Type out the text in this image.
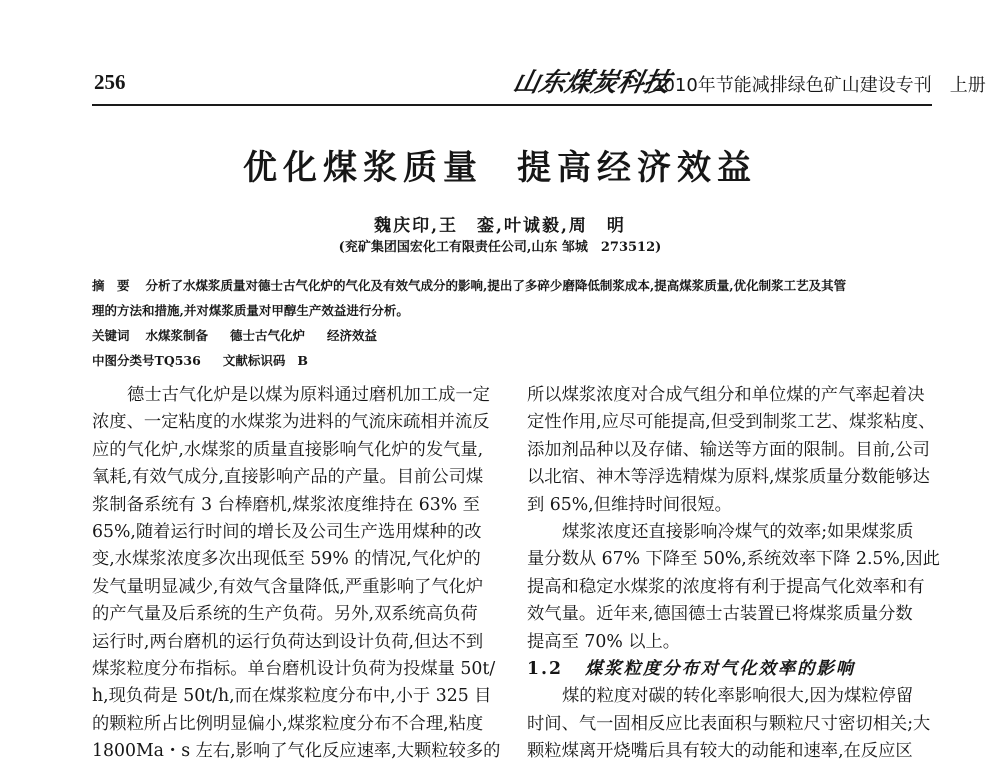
256	山东煤炭科技
2010年节能减排绿色矿山建设专刊　上册
优化煤浆质量 提高经济效益
魏庆印,王　銮,叶诚毅,周　明
(兖矿集团国宏化工有限责任公司,山东 邹城　273512)
摘　要 分析了水煤浆质量对德士古气化炉的气化及有效气成分的影响,提出了多碎少磨降低制浆成本,提高煤浆质量,优化制浆工艺及其管
理的方法和措施,并对煤浆质量对甲醇生产效益进行分析。
关键词 水煤浆制备 德士古气化炉 经济效益
中图分类号TQ536 文献标识码 B
德士古气化炉是以煤为原料通过磨机加工成一定
浓度、一定粘度的水煤浆为进料的气流床疏相并流反
应的气化炉,水煤浆的质量直接影响气化炉的发气量,
氧耗,有效气成分,直接影响产品的产量。目前公司煤
浆制备系统有 3 台棒磨机,煤浆浓度维持在 63% 至
65%,随着运行时间的增长及公司生产选用煤种的改
变,水煤浆浓度多次出现低至 59% 的情况,气化炉的
发气量明显减少,有效气含量降低,严重影响了气化炉
的产气量及后系统的生产负荷。另外,双系统高负荷
运行时,两台磨机的运行负荷达到设计负荷,但达不到
煤浆粒度分布指标。单台磨机设计负荷为投煤量 50t/
h,现负荷是 50t/h,而在煤浆粒度分布中,小于 325 目
的颗粒所占比例明显偏小,煤浆粒度分布不合理,粘度
1800Ma・s 左右,影响了气化反应速率,大颗粒较多的
所以煤浆浓度对合成气组分和单位煤的产气率起着决
定性作用,应尽可能提高,但受到制浆工艺、煤浆粘度、
添加剂品种以及存储、输送等方面的限制。目前,公司
以北宿、神木等浮选精煤为原料,煤浆质量分数能够达
到 65%,但维持时间很短。
煤浆浓度还直接影响冷煤气的效率;如果煤浆质
量分数从 67% 下降至 50%,系统效率下降 2.5%,因此
提高和稳定水煤浆的浓度将有利于提高气化效率和有
效气量。近年来,德国德士古装置已将煤浆质量分数
提高至 70% 以上。
1.2 煤浆粒度分布对气化效率的影响
煤的粒度对碳的转化率影响很大,因为煤粒停留
时间、气一固相反应比表面积与颗粒尺寸密切相关;大
颗粒煤离开烧嘴后具有较大的动能和速率,在反应区
